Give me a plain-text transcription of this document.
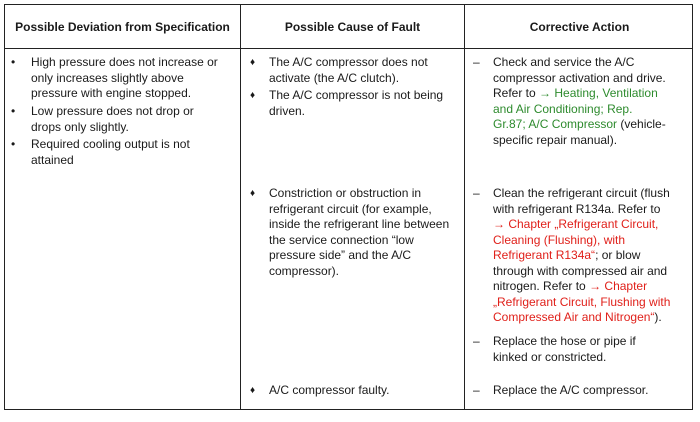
Possible Deviation from Specification	Possible Cause of Fault	Corrective Action
• High pressure does not increase or only increases slightly above pressure with engine stopped.
• Low pressure does not drop or drops only slightly.
• Required cooling output is not attained
♦ The A/C compressor does not activate (the A/C clutch).
♦ The A/C compressor is not being driven.
♦ Constriction or obstruction in refrigerant circuit (for example, inside the refrigerant line between the service connection “low pressure side” and the A/C compressor).
♦ A/C compressor faulty.
– Check and service the A/C
compressor activation and drive.
Refer to → Heating, Ventilation
and Air Conditioning; Rep.
Gr.87; A/C Compressor (vehicle-
specific repair manual).
– Clean the refrigerant circuit (flush
with refrigerant R134a. Refer to
→ Chapter „Refrigerant Circuit,
Cleaning (Flushing), with
Refrigerant R134a“; or blow
through with compressed air and
nitrogen. Refer to → Chapter
„Refrigerant Circuit, Flushing with
Compressed Air and Nitrogen“).
– Replace the hose or pipe if
kinked or constricted.
– Replace the A/C compressor.
